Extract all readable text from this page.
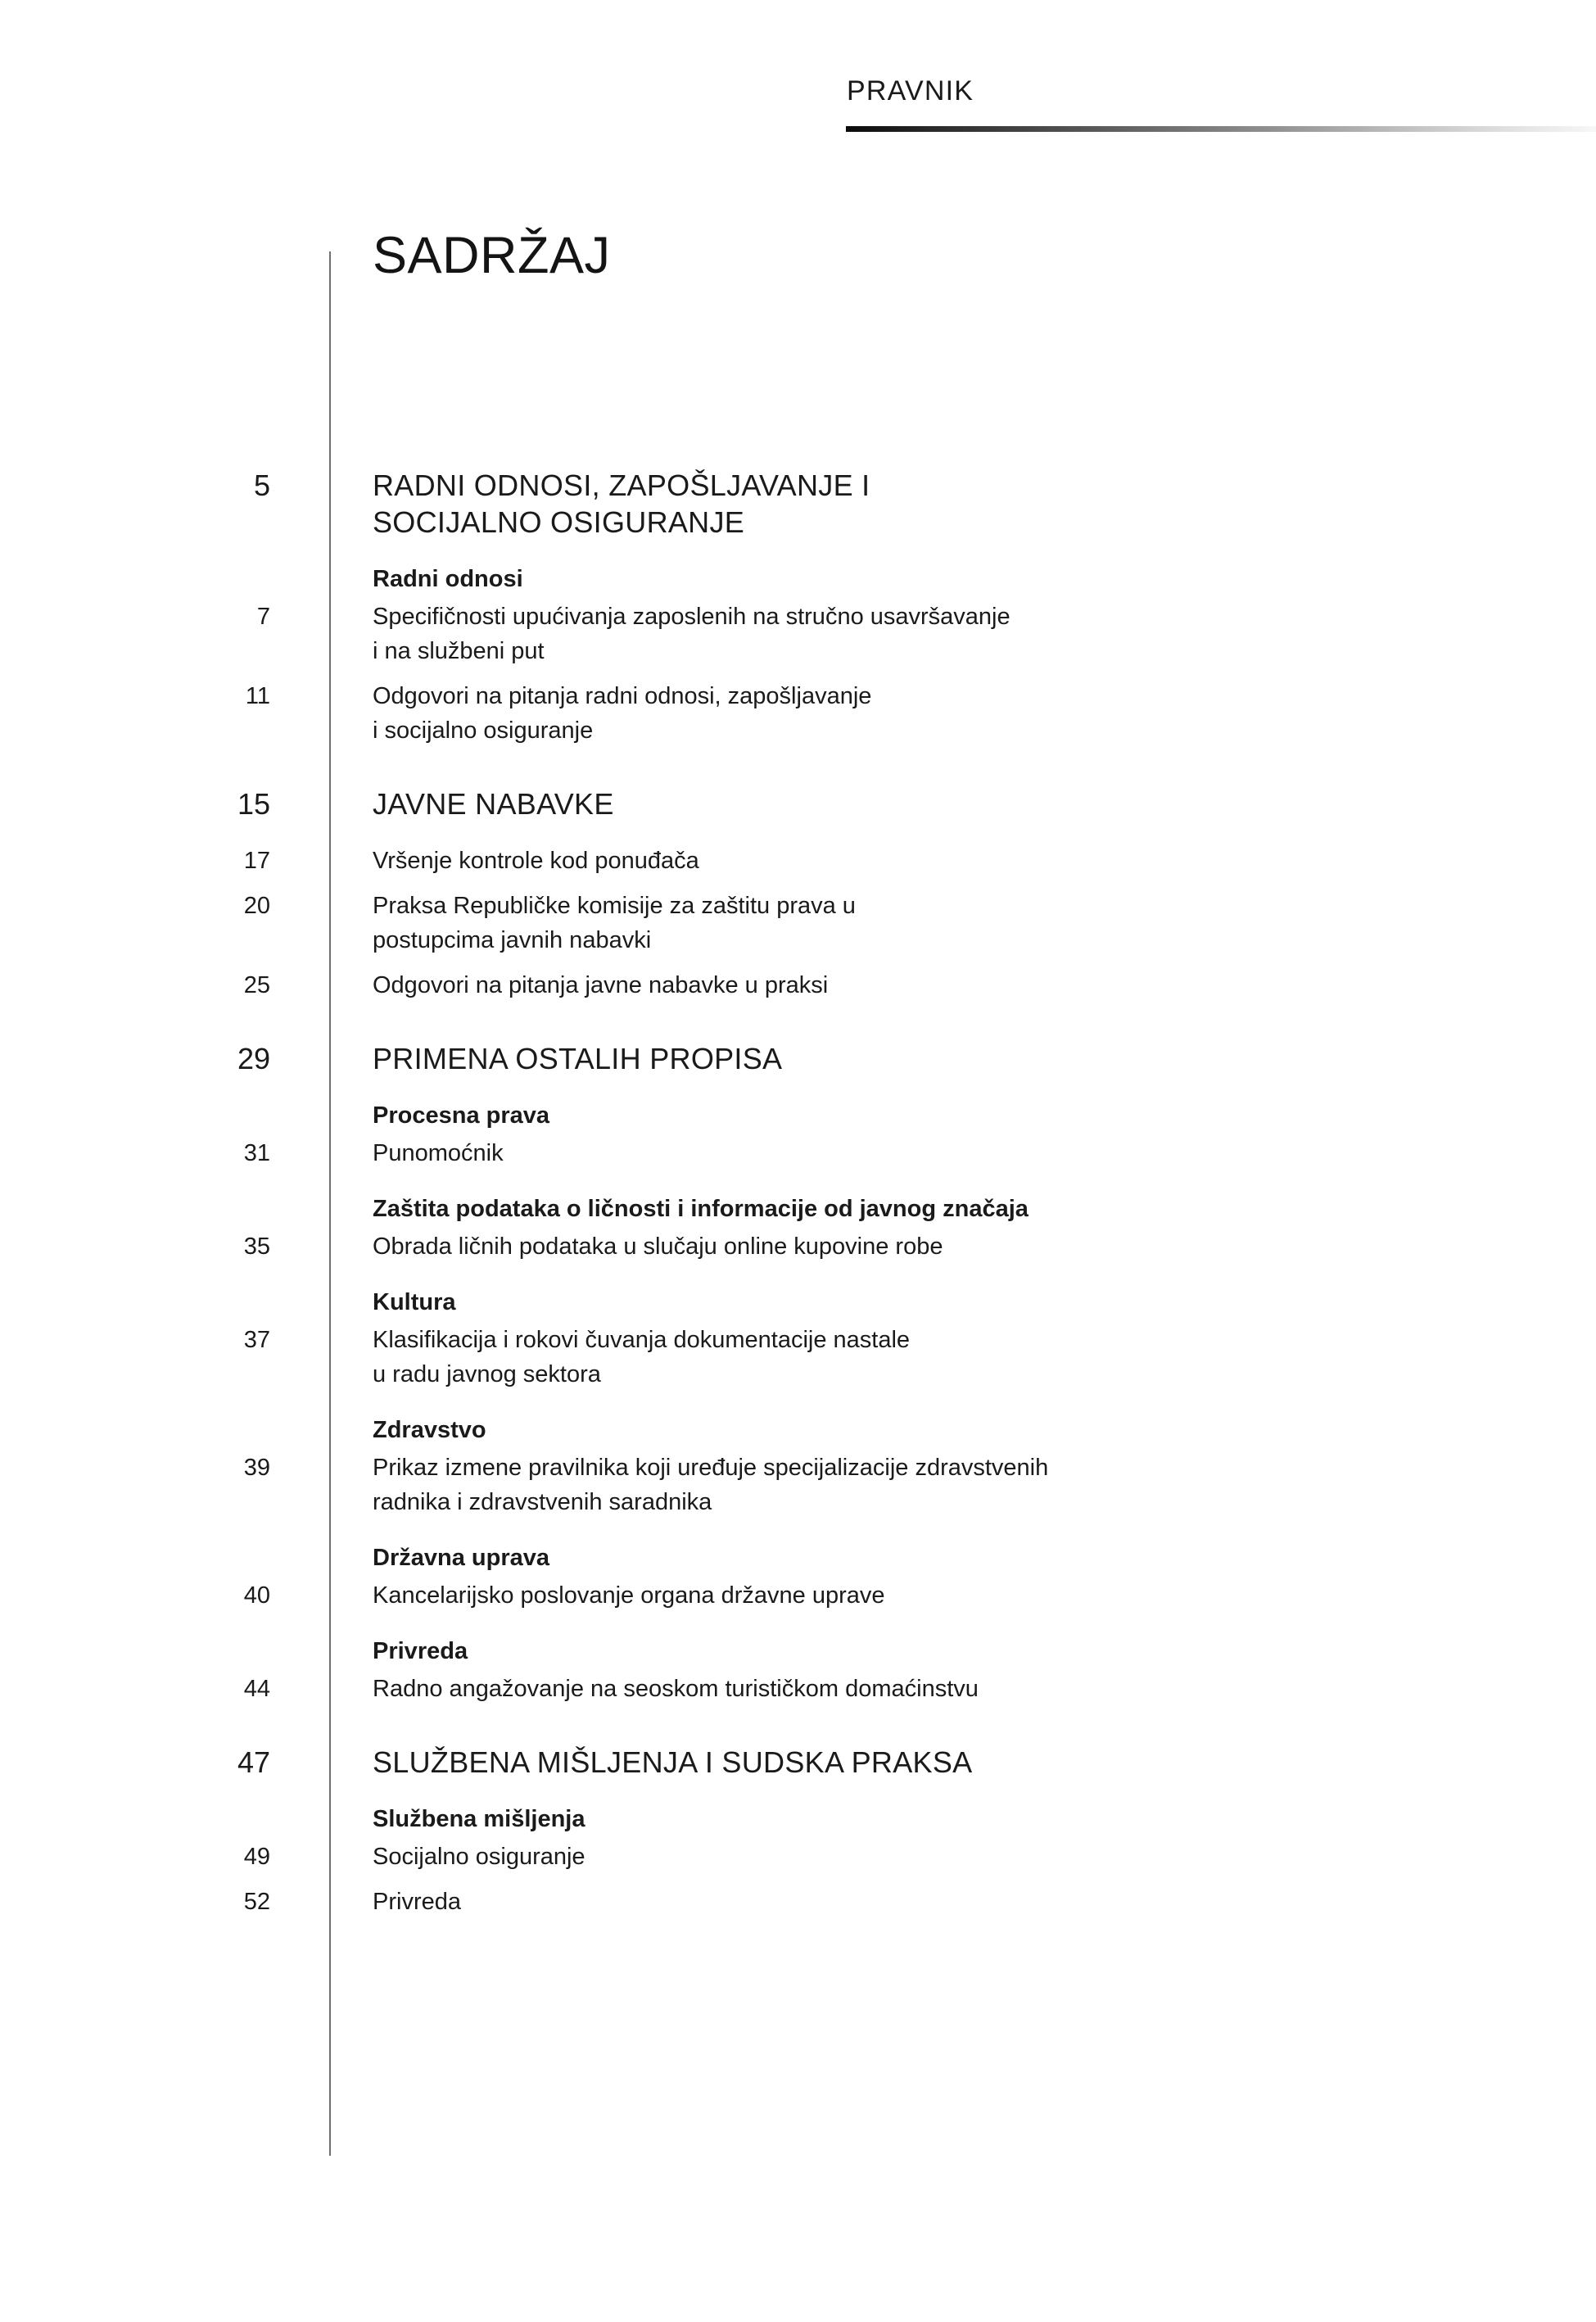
PRAVNIK
SADRŽAJ
5	RADNI ODNOSI, ZAPOŠLJAVANJE I
SOCIJALNO OSIGURANJE
Radni odnosi
7	Specifičnosti upućivanja zaposlenih na stručno usavršavanje
i na službeni put
11	Odgovori na pitanja radni odnosi, zapošljavanje
i socijalno osiguranje
15	JAVNE NABAVKE
17	Vršenje kontrole kod ponuđača
20	Praksa Republičke komisije za zaštitu prava u
postupcima javnih nabavki
25	Odgovori na pitanja javne nabavke u praksi
29	PRIMENA OSTALIH PROPISA
Procesna prava
31	Punomoćnik
Zaštita podataka o ličnosti i informacije od javnog značaja
35	Obrada ličnih podataka u slučaju online kupovine robe
Kultura
37	Klasifikacija i rokovi čuvanja dokumentacije nastale
u radu javnog sektora
Zdravstvo
39	Prikaz izmene pravilnika koji uređuje specijalizacije zdravstvenih
radnika i zdravstvenih saradnika
Državna uprava
40	Kancelarijsko poslovanje organa državne uprave
Privreda
44	Radno angažovanje na seoskom turističkom domaćinstvu
47	SLUŽBENA MIŠLJENJA I SUDSKA PRAKSA
Službena mišljenja
49	Socijalno osiguranje
52	Privreda
